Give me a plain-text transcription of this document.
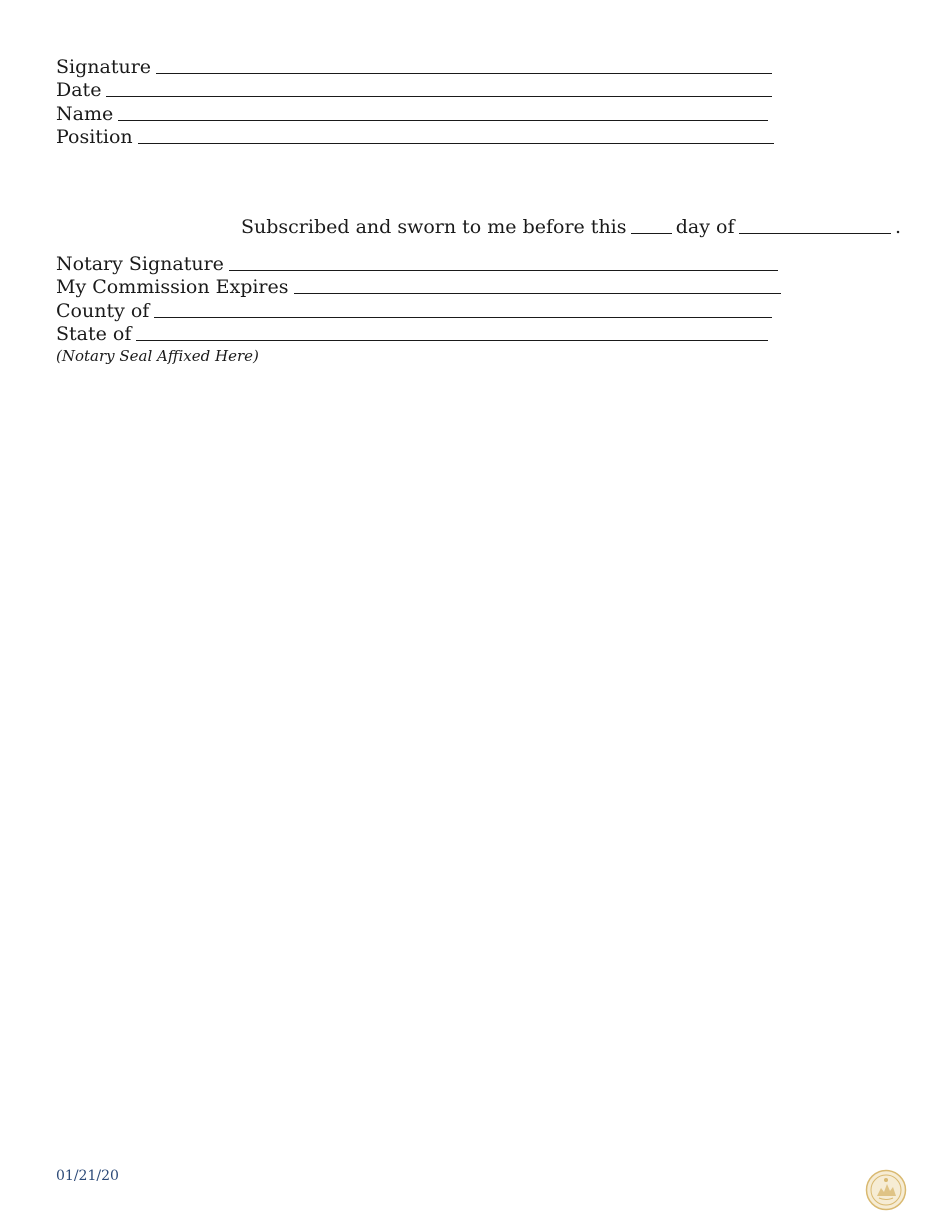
Signature
Date
Name
Position
Subscribed and sworn to me before this	day of	.
Notary Signature
My Commission Expires
County of
State of
(Notary Seal Affixed Here)
01/21/20
